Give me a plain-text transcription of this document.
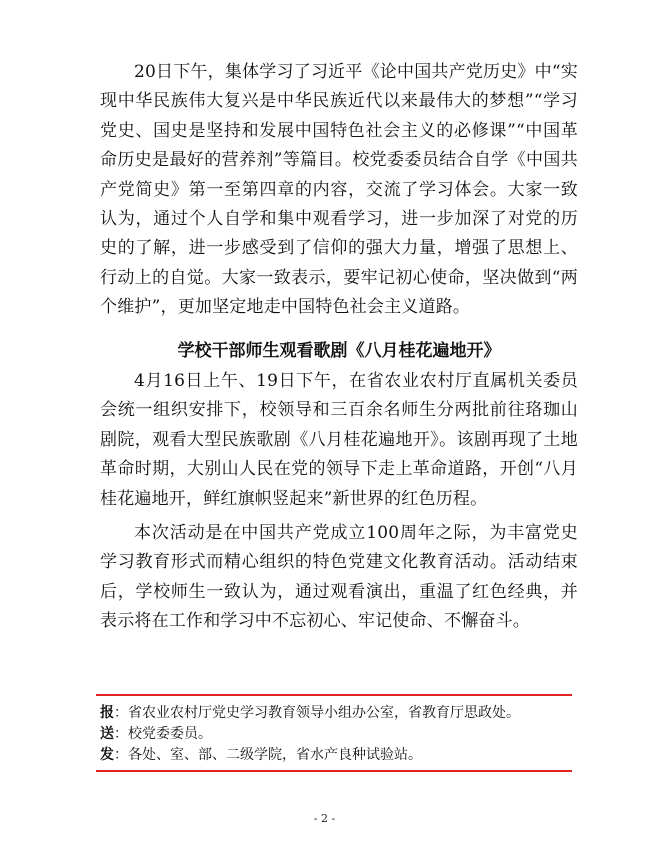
20日下午，集体学习了习近平《论中国共产党历史》中“实现中华民族伟大复兴是中华民族近代以来最伟大的梦想”“学习党史、国史是坚持和发展中国特色社会主义的必修课”“中国革命历史是最好的营养剂”等篇目。校党委委员结合自学《中国共产党简史》第一至第四章的内容，交流了学习体会。大家一致认为，通过个人自学和集中观看学习，进一步加深了对党的历史的了解，进一步感受到了信仰的强大力量，增强了思想上、行动上的自觉。大家一致表示，要牢记初心使命，坚决做到“两个维护”，更加坚定地走中国特色社会主义道路。

学校干部师生观看歌剧《八月桂花遍地开》

4月16日上午、19日下午，在省农业农村厅直属机关委员会统一组织安排下，校领导和三百余名师生分两批前往珞珈山剧院，观看大型民族歌剧《八月桂花遍地开》。该剧再现了土地革命时期，大别山人民在党的领导下走上革命道路，开创“八月桂花遍地开，鲜红旗帜竖起来”新世界的红色历程。

本次活动是在中国共产党成立100周年之际，为丰富党史学习教育形式而精心组织的特色党建文化教育活动。活动结束后，学校师生一致认为，通过观看演出，重温了红色经典，并表示将在工作和学习中不忘初心、牢记使命、不懈奋斗。

报：省农业农村厅党史学习教育领导小组办公室，省教育厅思政处。

送：校党委委员。

发：各处、室、部、二级学院，省水产良种试验站。

- 2 -
